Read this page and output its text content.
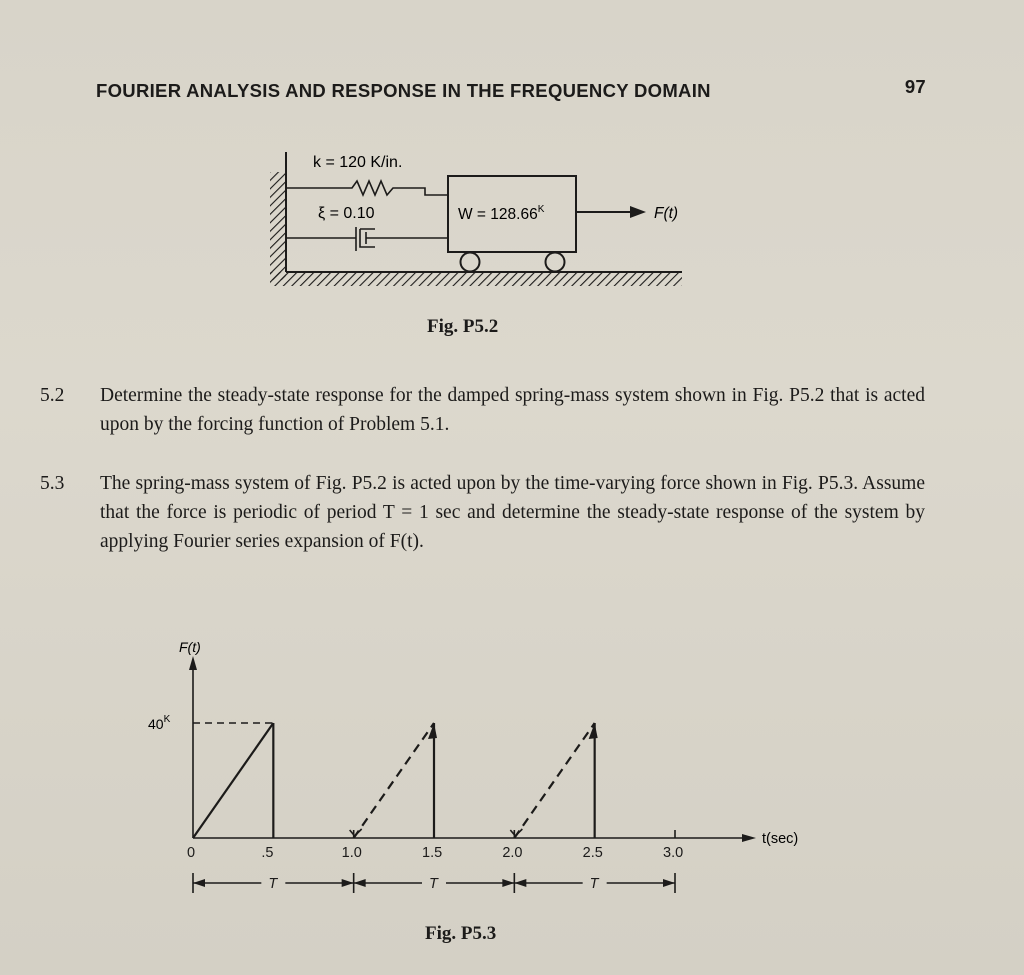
FOURIER ANALYSIS AND RESPONSE IN THE FREQUENCY DOMAIN	97
k = 120 K/in.
ξ = 0.10	$W = 128.66^K$	F(t)
Fig. P5.2
5.2 Determine the steady-state response for the damped spring-mass system shown in Fig. P5.2 that is acted upon by the forcing function of Problem 5.1.
5.3 The spring-mass system of Fig. P5.2 is acted upon by the time-varying force shown in Fig. P5.3. Assume that the force is periodic of period T = 1 sec and determine the steady-state response of the system by applying Fourier series expansion of F(t).
0	.5	1.0	1.5	2.0	2.5	3.0
F(t)
$40^K$
t(sec)
T	T	T
Fig. P5.3
